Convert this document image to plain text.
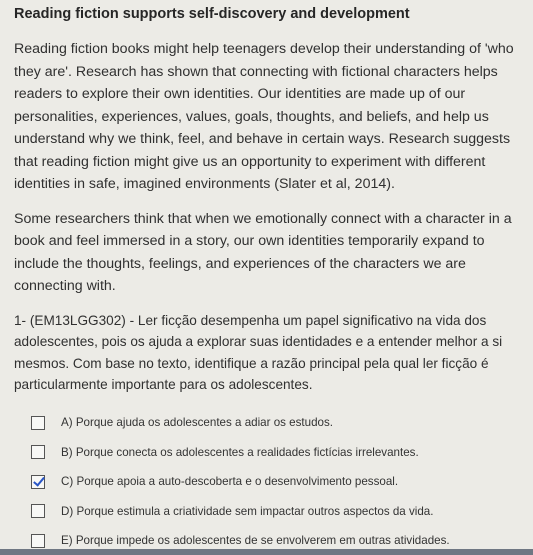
Reading fiction supports self-discovery and development

Reading fiction books might help teenagers develop their understanding of 'who they are'. Research has shown that connecting with fictional characters helps readers to explore their own identities. Our identities are made up of our personalities, experiences, values, goals, thoughts, and beliefs, and help us understand why we think, feel, and behave in certain ways. Research suggests that reading fiction might give us an opportunity to experiment with different identities in safe, imagined environments (Slater et al, 2014).

Some researchers think that when we emotionally connect with a character in a book and feel immersed in a story, our own identities temporarily expand to include the thoughts, feelings, and experiences of the characters we are connecting with.

1- (EM13LGG302) - Ler ficção desempenha um papel significativo na vida dos adolescentes, pois os ajuda a explorar suas identidades e a entender melhor a si mesmos. Com base no texto, identifique a razão principal pela qual ler ficção é particularmente importante para os adolescentes.

A) Porque ajuda os adolescentes a adiar os estudos.
B) Porque conecta os adolescentes a realidades fictícias irrelevantes.
C) Porque apoia a auto-descoberta e o desenvolvimento pessoal.
D) Porque estimula a criatividade sem impactar outros aspectos da vida.
E) Porque impede os adolescentes de se envolverem em outras atividades.
